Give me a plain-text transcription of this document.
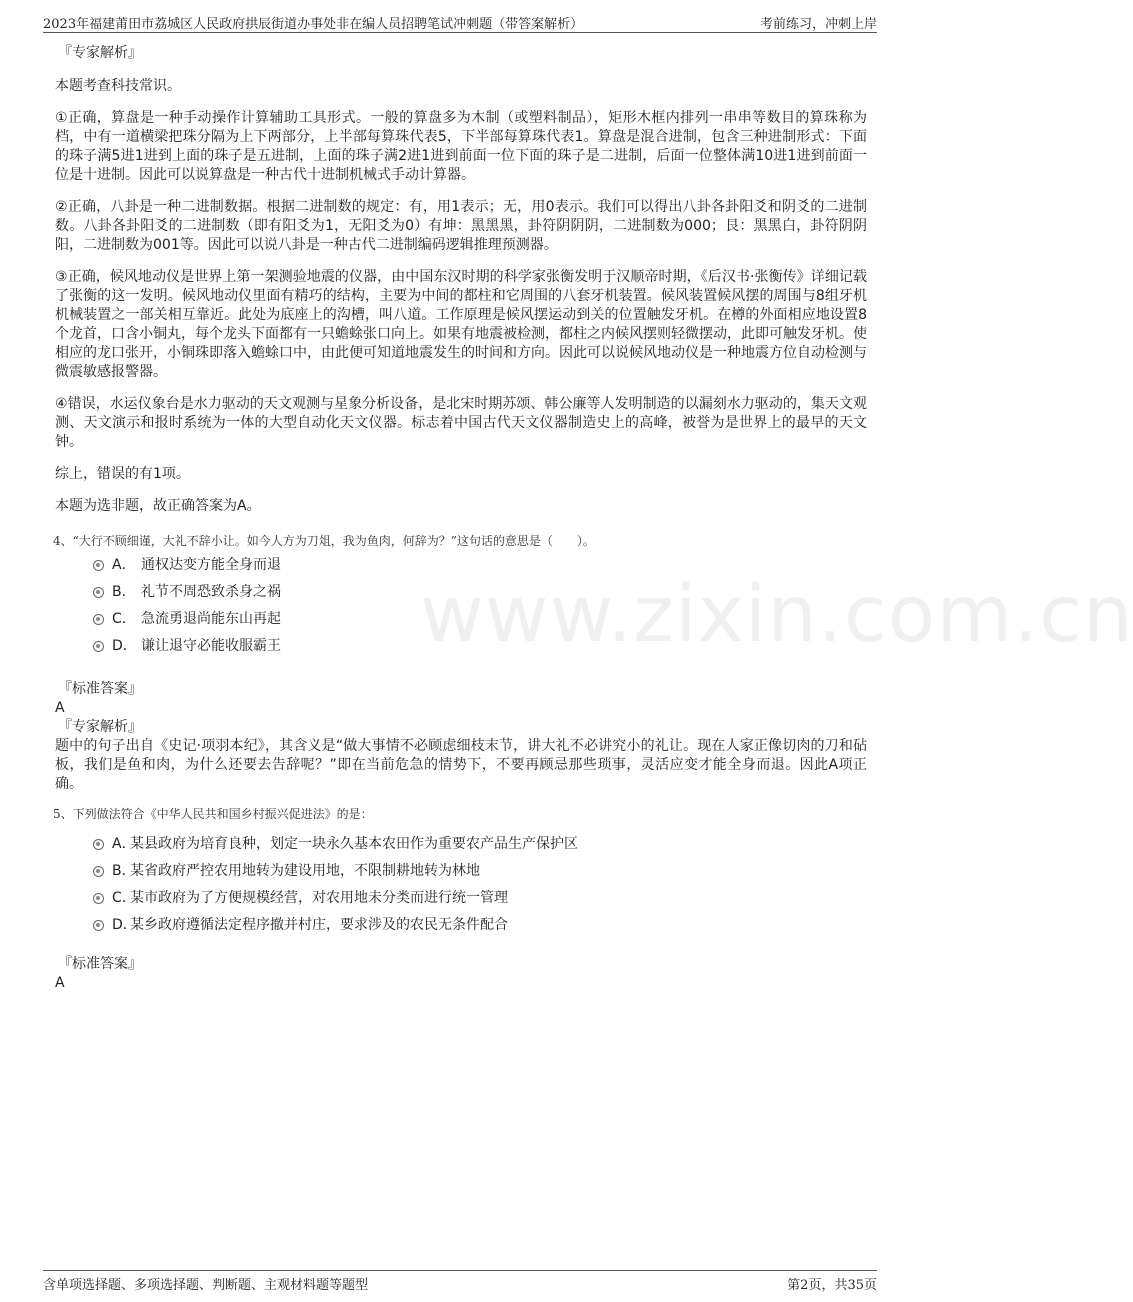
2023年福建莆田市荔城区人民政府拱辰街道办事处非在编人员招聘笔试冲刺题（带答案解析）	考前练习，冲刺上岸
www.zixin.com.cn
『专家解析』

本题考查科技常识。

①正确，算盘是一种手动操作计算辅助工具形式。一般的算盘多为木制（或塑料制品），矩形木框内排列一串串等数目的算珠称为档，中有一道横梁把珠分隔为上下两部分，上半部每算珠代表5，下半部每算珠代表1。算盘是混合进制，包含三种进制形式：下面的珠子满5进1进到上面的珠子是五进制，上面的珠子满2进1进到前面一位下面的珠子是二进制，后面一位整体满10进1进到前面一位是十进制。因此可以说算盘是一种古代十进制机械式手动计算器。

②正确，八卦是一种二进制数据。根据二进制数的规定：有，用1表示；无，用0表示。我们可以得出八卦各卦阳爻和阴爻的二进制数。八卦各卦阳爻的二进制数（即有阳爻为1，无阳爻为0）有坤：黑黑黑，卦符阴阴阴，二进制数为000；艮：黑黑白，卦符阴阴阳，二进制数为001等。因此可以说八卦是一种古代二进制编码逻辑推理预测器。

③正确，候风地动仪是世界上第一架测验地震的仪器，由中国东汉时期的科学家张衡发明于汉顺帝时期，《后汉书·张衡传》详细记载了张衡的这一发明。候风地动仪里面有精巧的结构，主要为中间的都柱和它周围的八套牙机装置。候风装置候风摆的周围与8组牙机机械装置之一部关相互靠近。此处为底座上的沟槽，叫八道。工作原理是候风摆运动到关的位置触发牙机。在樽的外面相应地设置8个龙首，口含小铜丸，每个龙头下面都有一只蟾蜍张口向上。如果有地震被检测，都柱之内候风摆则轻微摆动，此即可触发牙机。使相应的龙口张开，小铜珠即落入蟾蜍口中，由此便可知道地震发生的时间和方向。因此可以说候风地动仪是一种地震方位自动检测与微震敏感报警器。

④错误，水运仪象台是水力驱动的天文观测与星象分析设备，是北宋时期苏颂、韩公廉等人发明制造的以漏刻水力驱动的，集天文观测、天文演示和报时系统为一体的大型自动化天文仪器。标志着中国古代天文仪器制造史上的高峰，被誉为是世界上的最早的天文钟。

综上，错误的有1项。

本题为选非题，故正确答案为A。

4、“大行不顾细谨，大礼不辞小让。如今人方为刀俎，我为鱼肉，何辞为？”这句话的意思是（　　）。
A． 通权达变方能全身而退
B． 礼节不周恐致杀身之祸
C． 急流勇退尚能东山再起
D． 谦让退守必能收服霸王
『标准答案』
A
『专家解析』

题中的句子出自《史记·项羽本纪》，其含义是“做大事情不必顾虑细枝末节，讲大礼不必讲究小的礼让。现在人家正像切肉的刀和砧板，我们是鱼和肉，为什么还要去告辞呢？”即在当前危急的情势下，不要再顾忌那些琐事，灵活应变才能全身而退。因此A项正确。

5、下列做法符合《中华人民共和国乡村振兴促进法》的是：
A．
某县政府为培育良种，划定一块永久基本农田作为重要农产品生产保护区
B．
某省政府严控农用地转为建设用地，不限制耕地转为林地
C．
某市政府为了方便规模经营，对农用地未分类而进行统一管理
D．
某乡政府遵循法定程序撤并村庄，要求涉及的农民无条件配合
『标准答案』
A
含单项选择题、多项选择题、判断题、主观材料题等题型	第2页，共35页
